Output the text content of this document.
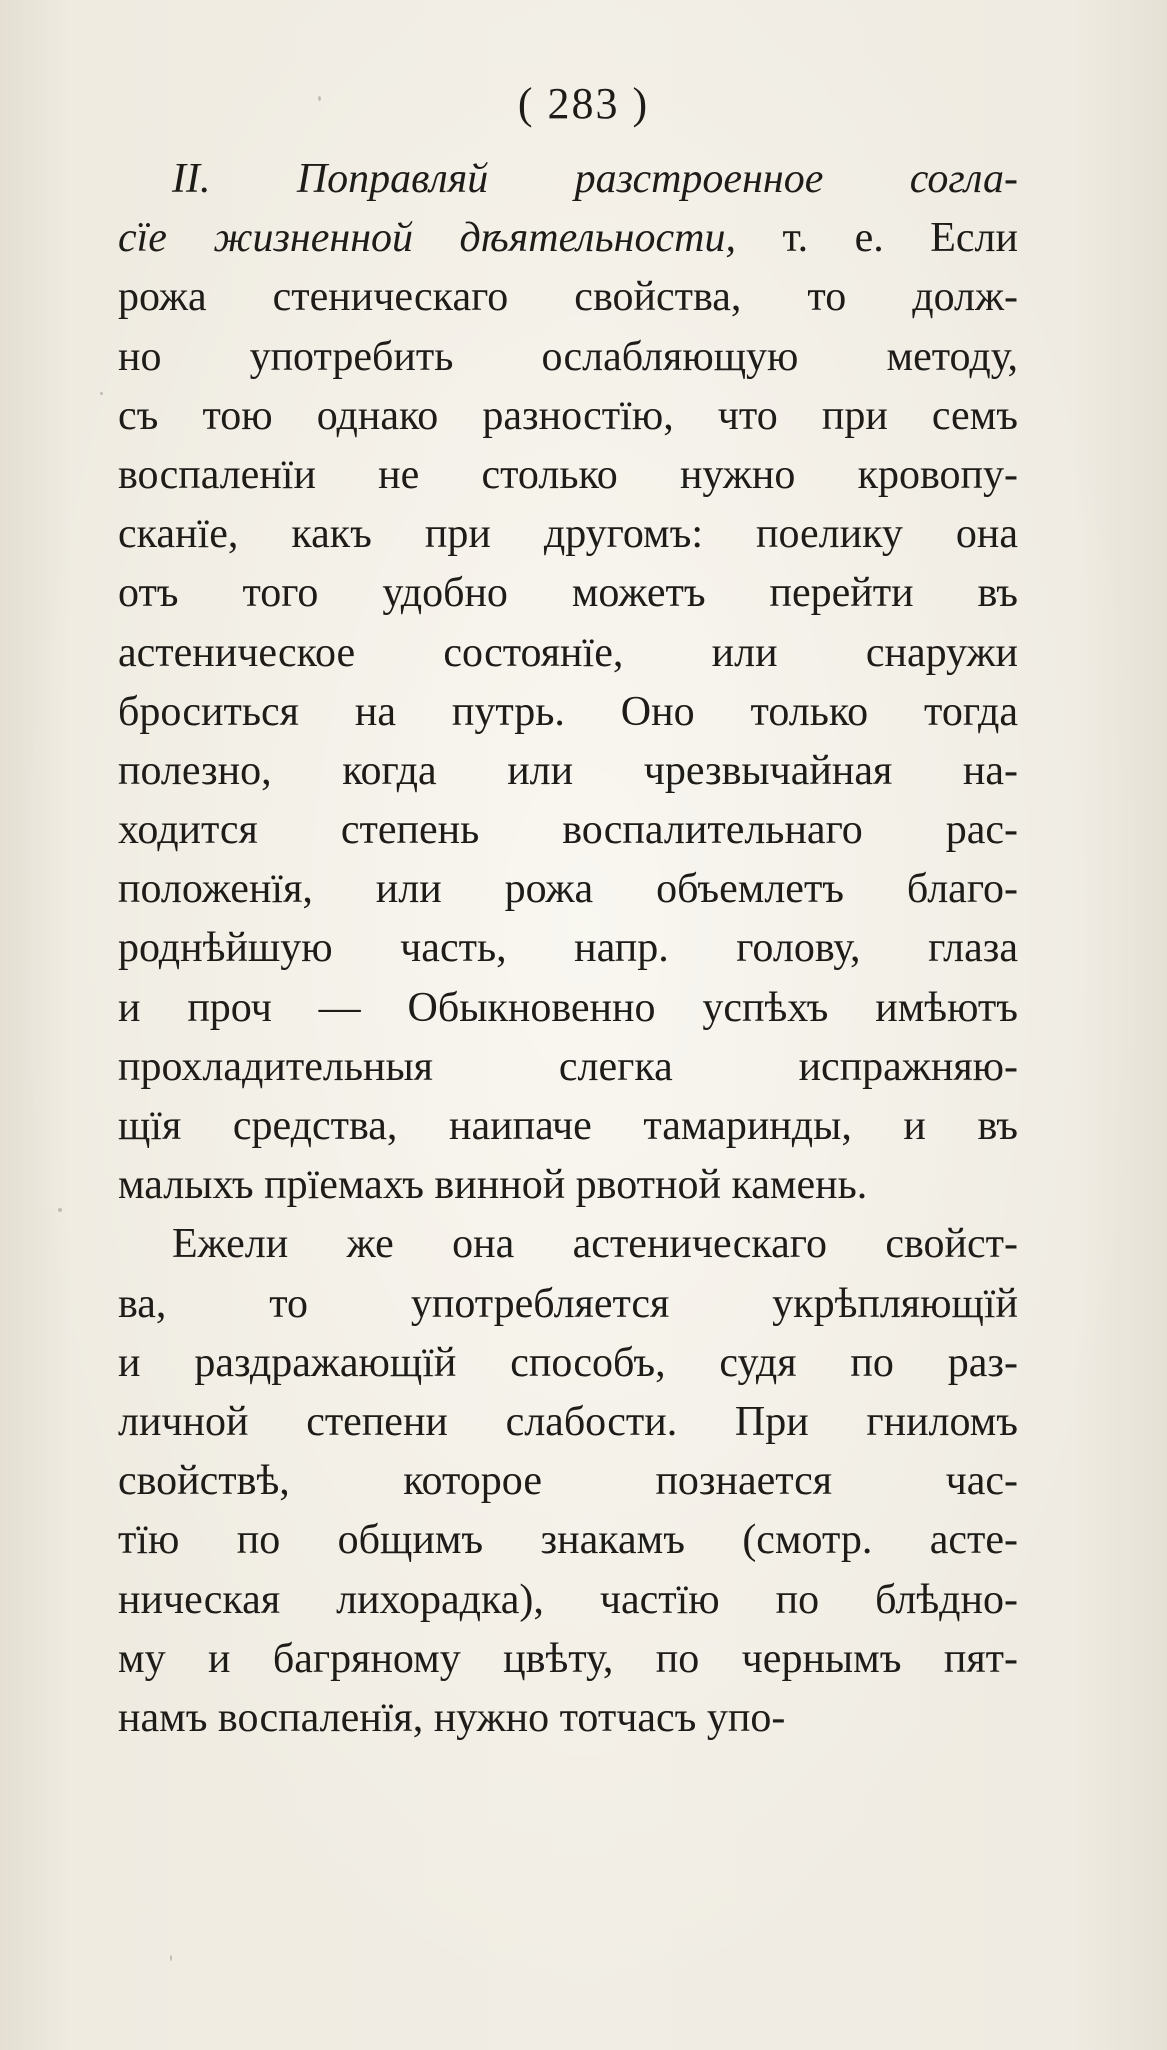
( 283 )
II. Поправляй разстроенное согла-
сïе жизненной дѣятельности, т. е. Если
рожа стеническаго свойства, то долж-
но употребить ослабляющую методу,
съ тою однако разностïю, что при семъ
воспаленïи не столько нужно кровопу-
сканïе, какъ при другомъ: поелику она
отъ того удобно можетъ перейти въ
астеническое состоянïе, или снаружи
броситься на путрь. Оно только тогда
полезно, когда или чрезвычайная на-
ходится степень воспалительнаго рас-
положенïя, или рожа объемлетъ благо-
роднѣйшую часть, напр. голову, глаза
и проч — Обыкновенно успѣхъ имѣютъ
прохладительныя слегка испражняю-
щïя средства, наипаче тамаринды, и въ
малыхъ прïемахъ винной рвотной камень.
Ежели же она астеническаго свойст-
ва, то употребляется укрѣпляющïй
и раздражающïй способъ, судя по раз-
личной степени слабости. При гниломъ
свойствѣ, которое познается час-
тïю по общимъ знакамъ (смотр. асте-
ническая лихорадка), частïю по блѣдно-
му и багряному цвѣту, по чернымъ пят-
намъ воспаленïя, нужно тотчасъ упо-
